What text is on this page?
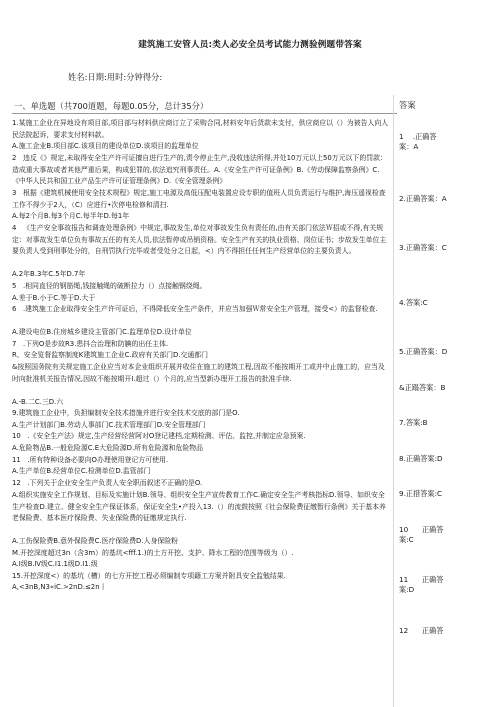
建筑施工安管人员:类人必安全员考试能力测验例题带答案
姓名:日期:用时:分钟得分:
一、单选题（共700道题，每题0.05分，总计35分）	答案

1.某施工企业在异地设有项目部,项目部与材料供应商订立了采购合同,材料安年后货款未支付，供应商应以（）为被告人向人民法院起诉，要求支付材料款。

A.施工企业B.项目部C.该项目的建设单位D.该项目的监理单位

2   违反《》规定,未取得安全生产许可证擅自进行生产的,责令停止生产,没收违法所得,并处10万元以上50万元以下的罚款：造成重大事故或者其他严重后果，构成犯罪的,依法追究刑事责任。A.《安全生产许可证条例》B.《劳动保障监察条例》C.《中华人民共和国工业产品生产许可证管理条例》D.《安全管理条例》

3   根据《建筑机械使用安全技术规程》规定,施工电源及高低压配电装置应设专职的值班人员负责运行与维护,海压遥视检查工作不得少于2人，（C）应进行•次停电检修和清扫.

A.每2个月B.每3个月C.每半年D.每1年

4   《生产安全事故报告和调查处理条例》中规定,事故发生,单位对事故发生负有责任的,由有关部门依法Ｗ招或不得,有关规定：对事故发生单位负有事故五任的有关人员,依法暂停或吊销资格。安全生产有关的执业资格、岗位证书；步故发生单位主要负责人受到刑事处分的，自刑罚执行完毕或者受处分之日起，<）内不得担任任何生产经营单位的主要负责人。

A.2年B.3年C.5年D.7年

5   .相同直径的钢筋绳,钱接触绳的破断拉力（）点接触钢绕绳。

A.差于B.小于C.等于D.大于

6   .建筑施工企业取得安全生产许可证后，不得降低安全生产条件，并应当加强Ｗ常安全生产管理，接受<）的监督检查.

A.建设电位B.住房城乡建设主管部门C.监理单位D.设计单位

7   .下列O是步故R3.患抖合治理和防腆的出任主体.

R、安全览督监察制度K建筑施工企业C.政府有关部门D.交通都门

&按照国务院有关规定施工企业应当对本企业组织开展并收住在施工的建筑工程,因故不能按期开工或并中止施工的，应当及时向批准机关报告情况,因故不能按期开I.超过（）个月的,应当型新办理开工报告的批准手续.

A.-B.二C.三D.六

9.建筑施工企业中，负担编制安全技术措施并进行安全技术交底的部门是O.

A.生产计划部门B.劳动人事部门C.技术管理部门D.安全管理部门

10   .《安全生产法》规定,生产经营经营阿对O登记建档,定期检测、评估、监控,并制定应急预案.

A.危险物品B.一般危险源C.E大危险源D.所有危险源和危险物品

11   .所有特种设备必要向O办理使用登记方可使用.

A.生产单位B.经营单位C.检测单位D.监管部门

12   .下列关于企业安全生产负责人安全职而叙述不正确的是O.

A.组织实施安全工作规划、目标及实施计划B.领导、组织安全生产宣传教育工作C.确定安全生产考核指标D.领导、如织安全生产检查D.建立、健全安全生产保证体系，保证安全生•产投入13.（）的流鼓按照《社会保险费征缴暂行条例》关于基本养老保险费、基本医疗保险费、失业保险费的征缴规定执行.

A.工伤保险费B.意外保险费C.医疗保险费D.人身保险粉

M.开挖深度超过3n（含3m）的基坑<fff.1.)的土方开挖、支护、降水工程的范围等级为（）.

A.I级B.Ⅳ级C.I1.1级D.I1.级

15.开挖深度<）的基坑（槽）的七方开挖工程必须编制专项籍工方案并附具安全监勉结果.

A,<3nB,N3«iC.>2nD.≤2n丨

1    .正确答
案：A
2.正确答案：A
3.正确答案：C
4.答案:C
5.正确答案：D
&正蹋答案：B
7.答案:B
8.正确答案:D
9.正措答案:C
10      正确答
案:C
11      正确答
案:D
12      正确答
